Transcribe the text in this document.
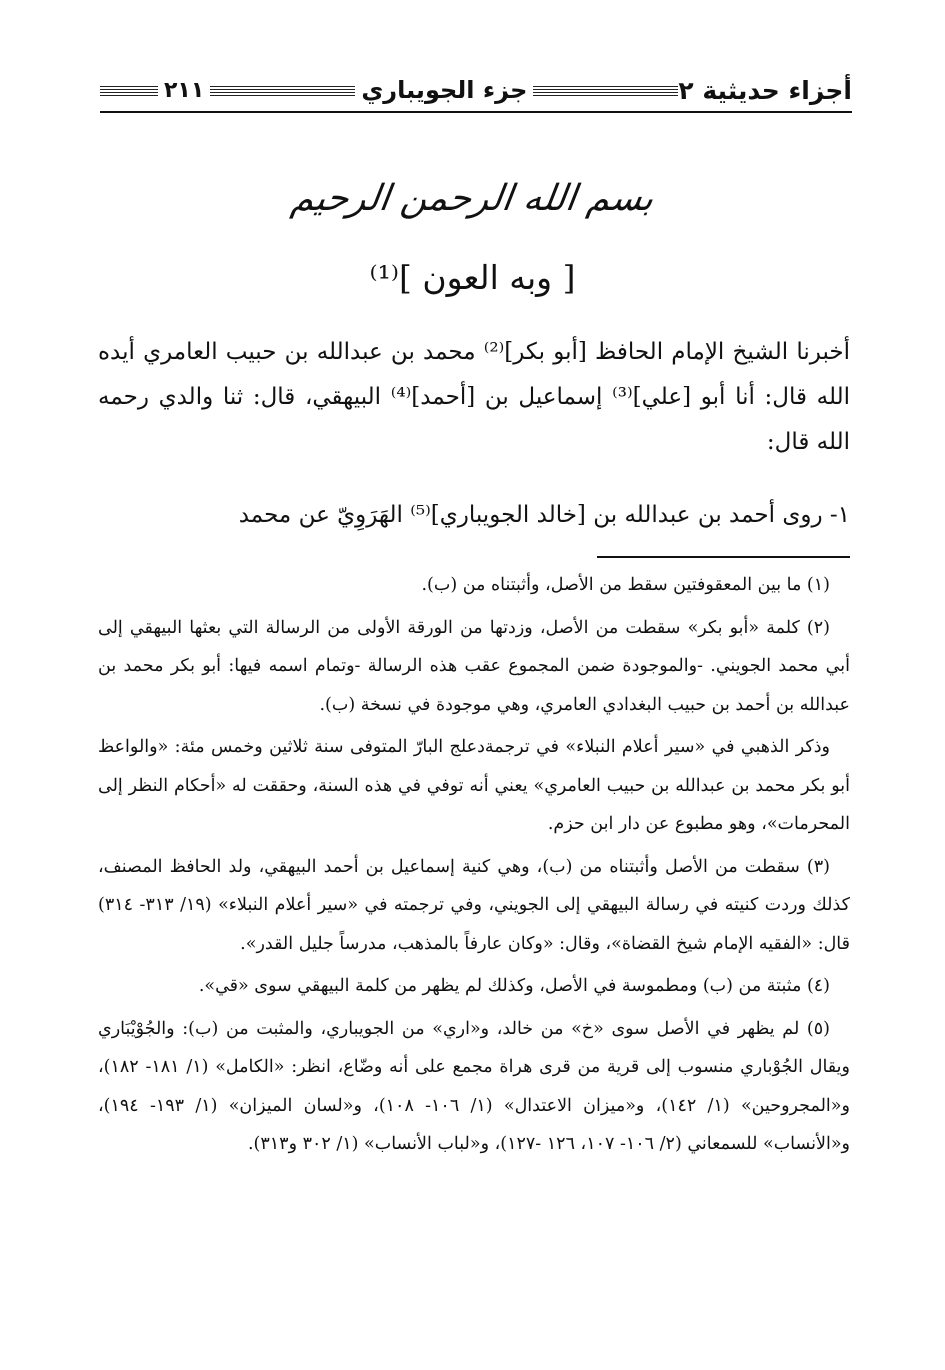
أجزاء حديثية ٢
جزء الجويباري
٢١١
بسم الله الرحمن الرحيم
[ وبه العون ]⁽¹⁾

أخبرنا الشيخ الإمام الحافظ [أبو بكر]⁽²⁾ محمد بن عبدالله بن حبيب العامري أيده الله قال: أنا أبو [علي]⁽³⁾ إسماعيل بن [أحمد]⁽⁴⁾ البيهقي، قال: ثنا والدي رحمه الله قال:

١- روى أحمد بن عبدالله بن [خالد الجويباري]⁽⁵⁾ الهَرَوِيّ عن محمد

(١) ما بين المعقوفتين سقط من الأصل، وأثبتناه من (ب).

(٢) كلمة «أبو بكر» سقطت من الأصل، وزدتها من الورقة الأولى من الرسالة التي بعثها البيهقي إلى أبي محمد الجويني. -والموجودة ضمن المجموع عقب هذه الرسالة -وتمام اسمه فيها: أبو بكر محمد بن عبدالله بن أحمد بن حبيب البغدادي العامري، وهي موجودة في نسخة (ب).

وذكر الذهبي في «سير أعلام النبلاء» في ترجمةدعلج البارّ المتوفى سنة ثلاثين وخمس مئة: «والواعظ أبو بكر محمد بن عبدالله بن حبيب العامري» يعني أنه توفي في هذه السنة، وحققت له «أحكام النظر إلى المحرمات»، وهو مطبوع عن دار ابن حزم.

(٣) سقطت من الأصل وأثبتناه من (ب)، وهي كنية إسماعيل بن أحمد البيهقي، ولد الحافظ المصنف، كذلك وردت كنيته في رسالة البيهقي إلى الجويني، وفي ترجمته في «سير أعلام النبلاء» (١٩/ ٣١٣- ٣١٤) قال: «الفقيه الإمام شيخ القضاة»، وقال: «وكان عارفاً بالمذهب، مدرساً جليل القدر».

(٤) مثبتة من (ب) ومطموسة في الأصل، وكذلك لم يظهر من كلمة البيهقي سوى «قي».

(٥) لم يظهر في الأصل سوى «خ» من خالد، و«اري» من الجويباري، والمثبت من (ب): والجُوْيْبَاري ويقال الجُوْباري منسوب إلى قرية من قرى هراة مجمع على أنه وضّاع، انظر: «الكامل» (١/ ١٨١- ١٨٢)، و«المجروحين» (١/ ١٤٢)، و«ميزان الاعتدال» (١/ ١٠٦- ١٠٨)، و«لسان الميزان» (١/ ١٩٣- ١٩٤)، و«الأنساب» للسمعاني (٢/ ١٠٦- ١٠٧، ١٢٦ -١٢٧)، و«لباب الأنساب» (١/ ٣٠٢ و٣١٣).
